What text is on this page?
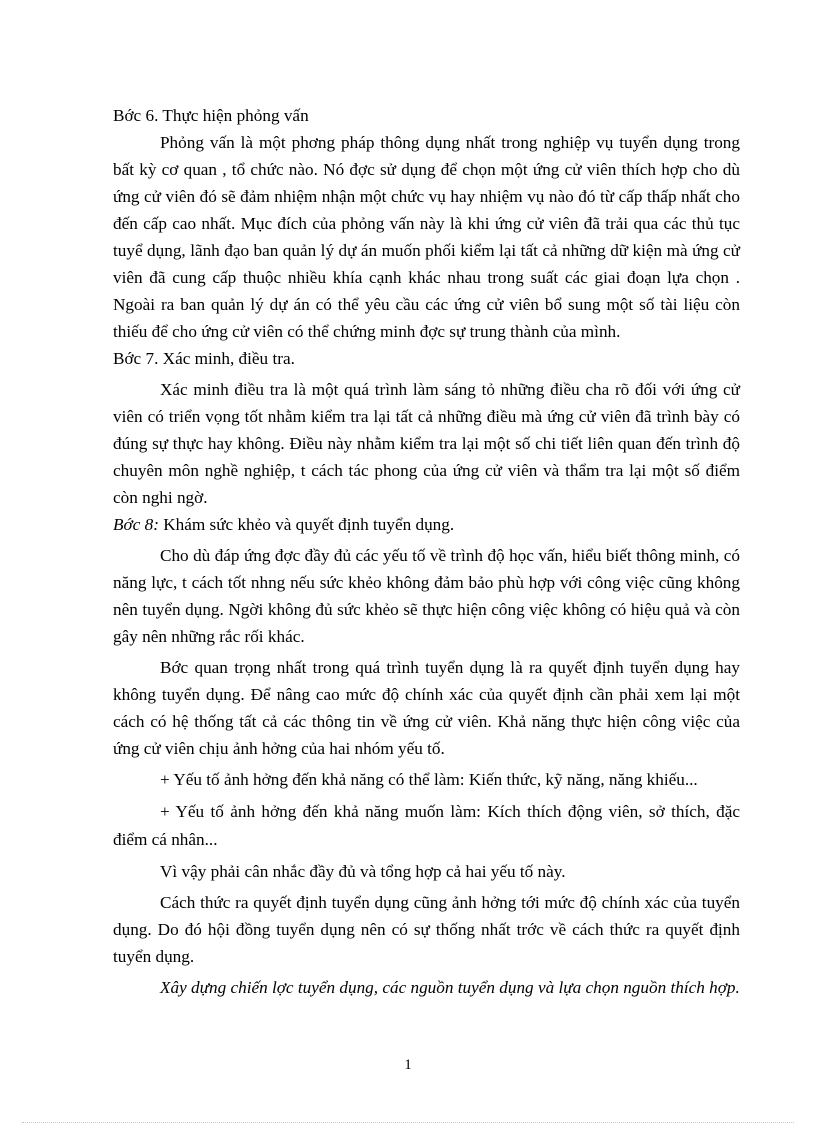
Bớc 6. Thực hiện phỏng vấn

Phỏng vấn là một phơng pháp thông dụng nhất trong nghiệp vụ tuyển dụng trong bất kỳ cơ quan , tổ chức nào. Nó đợc sử dụng để chọn một ứng cử viên thích hợp cho dù ứng cử viên đó sẽ đảm nhiệm nhận một chức vụ hay nhiệm vụ nào đó từ cấp thấp nhất cho đến cấp cao nhất. Mục đích của phỏng vấn này là khi ứng cử viên đã trải qua các thủ tục tuyể dụng, lãnh đạo ban quản lý dự án muốn phối kiểm lại tất cả những dữ kiện mà ứng cử viên đã cung cấp thuộc nhiều khía cạnh khác nhau trong suất các giai đoạn lựa chọn . Ngoài ra ban quản lý dự án có thể yêu cầu các ứng cử viên bổ sung một số tài liệu còn thiếu để cho ứng cử viên có thể chứng minh đợc sự trung thành của mình.

Bớc 7. Xác minh, điều tra.

Xác minh điều tra là một quá trình làm sáng tỏ những điều cha rõ đối với ứng cử viên có triển vọng tốt nhằm kiểm tra lại tất cả những điều mà ứng cử viên đã trình bày có đúng sự thực hay không. Điều này nhằm kiểm tra lại một số chi tiết liên quan đến trình độ chuyên môn nghề nghiệp, t cách tác phong của ứng cử viên và thẩm tra lại một số điểm còn nghi ngờ.

Bớc 8: Khám sức khẻo và quyết định tuyển dụng.

Cho dù đáp ứng đợc đầy đủ các yếu tố về trình độ học vấn, hiểu biết thông minh, có năng lực, t cách tốt nhng nếu sức khẻo không đảm bảo phù hợp với công việc cũng không nên tuyển dụng. Ngời không đủ sức khẻo sẽ thực hiện công việc không có hiệu quả và còn gây nên những rắc rối khác.

Bớc quan trọng nhất trong quá trình tuyển dụng là ra quyết định tuyển dụng hay không tuyển dụng. Để nâng cao mức độ chính xác của quyết định cần phải xem lại một cách có hệ thống tất cả các thông tin về ứng cử viên. Khả năng thực hiện công việc của ứng cử viên chịu ảnh hởng của hai nhóm yếu tố.

+ Yếu tố ảnh hởng đến khả năng có thể làm: Kiến thức, kỹ năng, năng khiếu...

+ Yếu tố ảnh hởng đến khả năng muốn làm: Kích thích động viên, sở thích, đặc điểm cá nhân...

Vì vậy phải cân nhắc đầy đủ và tổng hợp cả hai yếu tố này.

Cách thức ra quyết định tuyển dụng cũng ảnh hởng tới mức độ chính xác của tuyển dụng. Do đó hội đồng tuyển dụng nên có sự thống nhất trớc về cách thức ra quyết định tuyển dụng.

Xây dựng chiến lợc tuyển dụng, các nguồn tuyển dụng và lựa chọn nguồn thích hợp.

1
